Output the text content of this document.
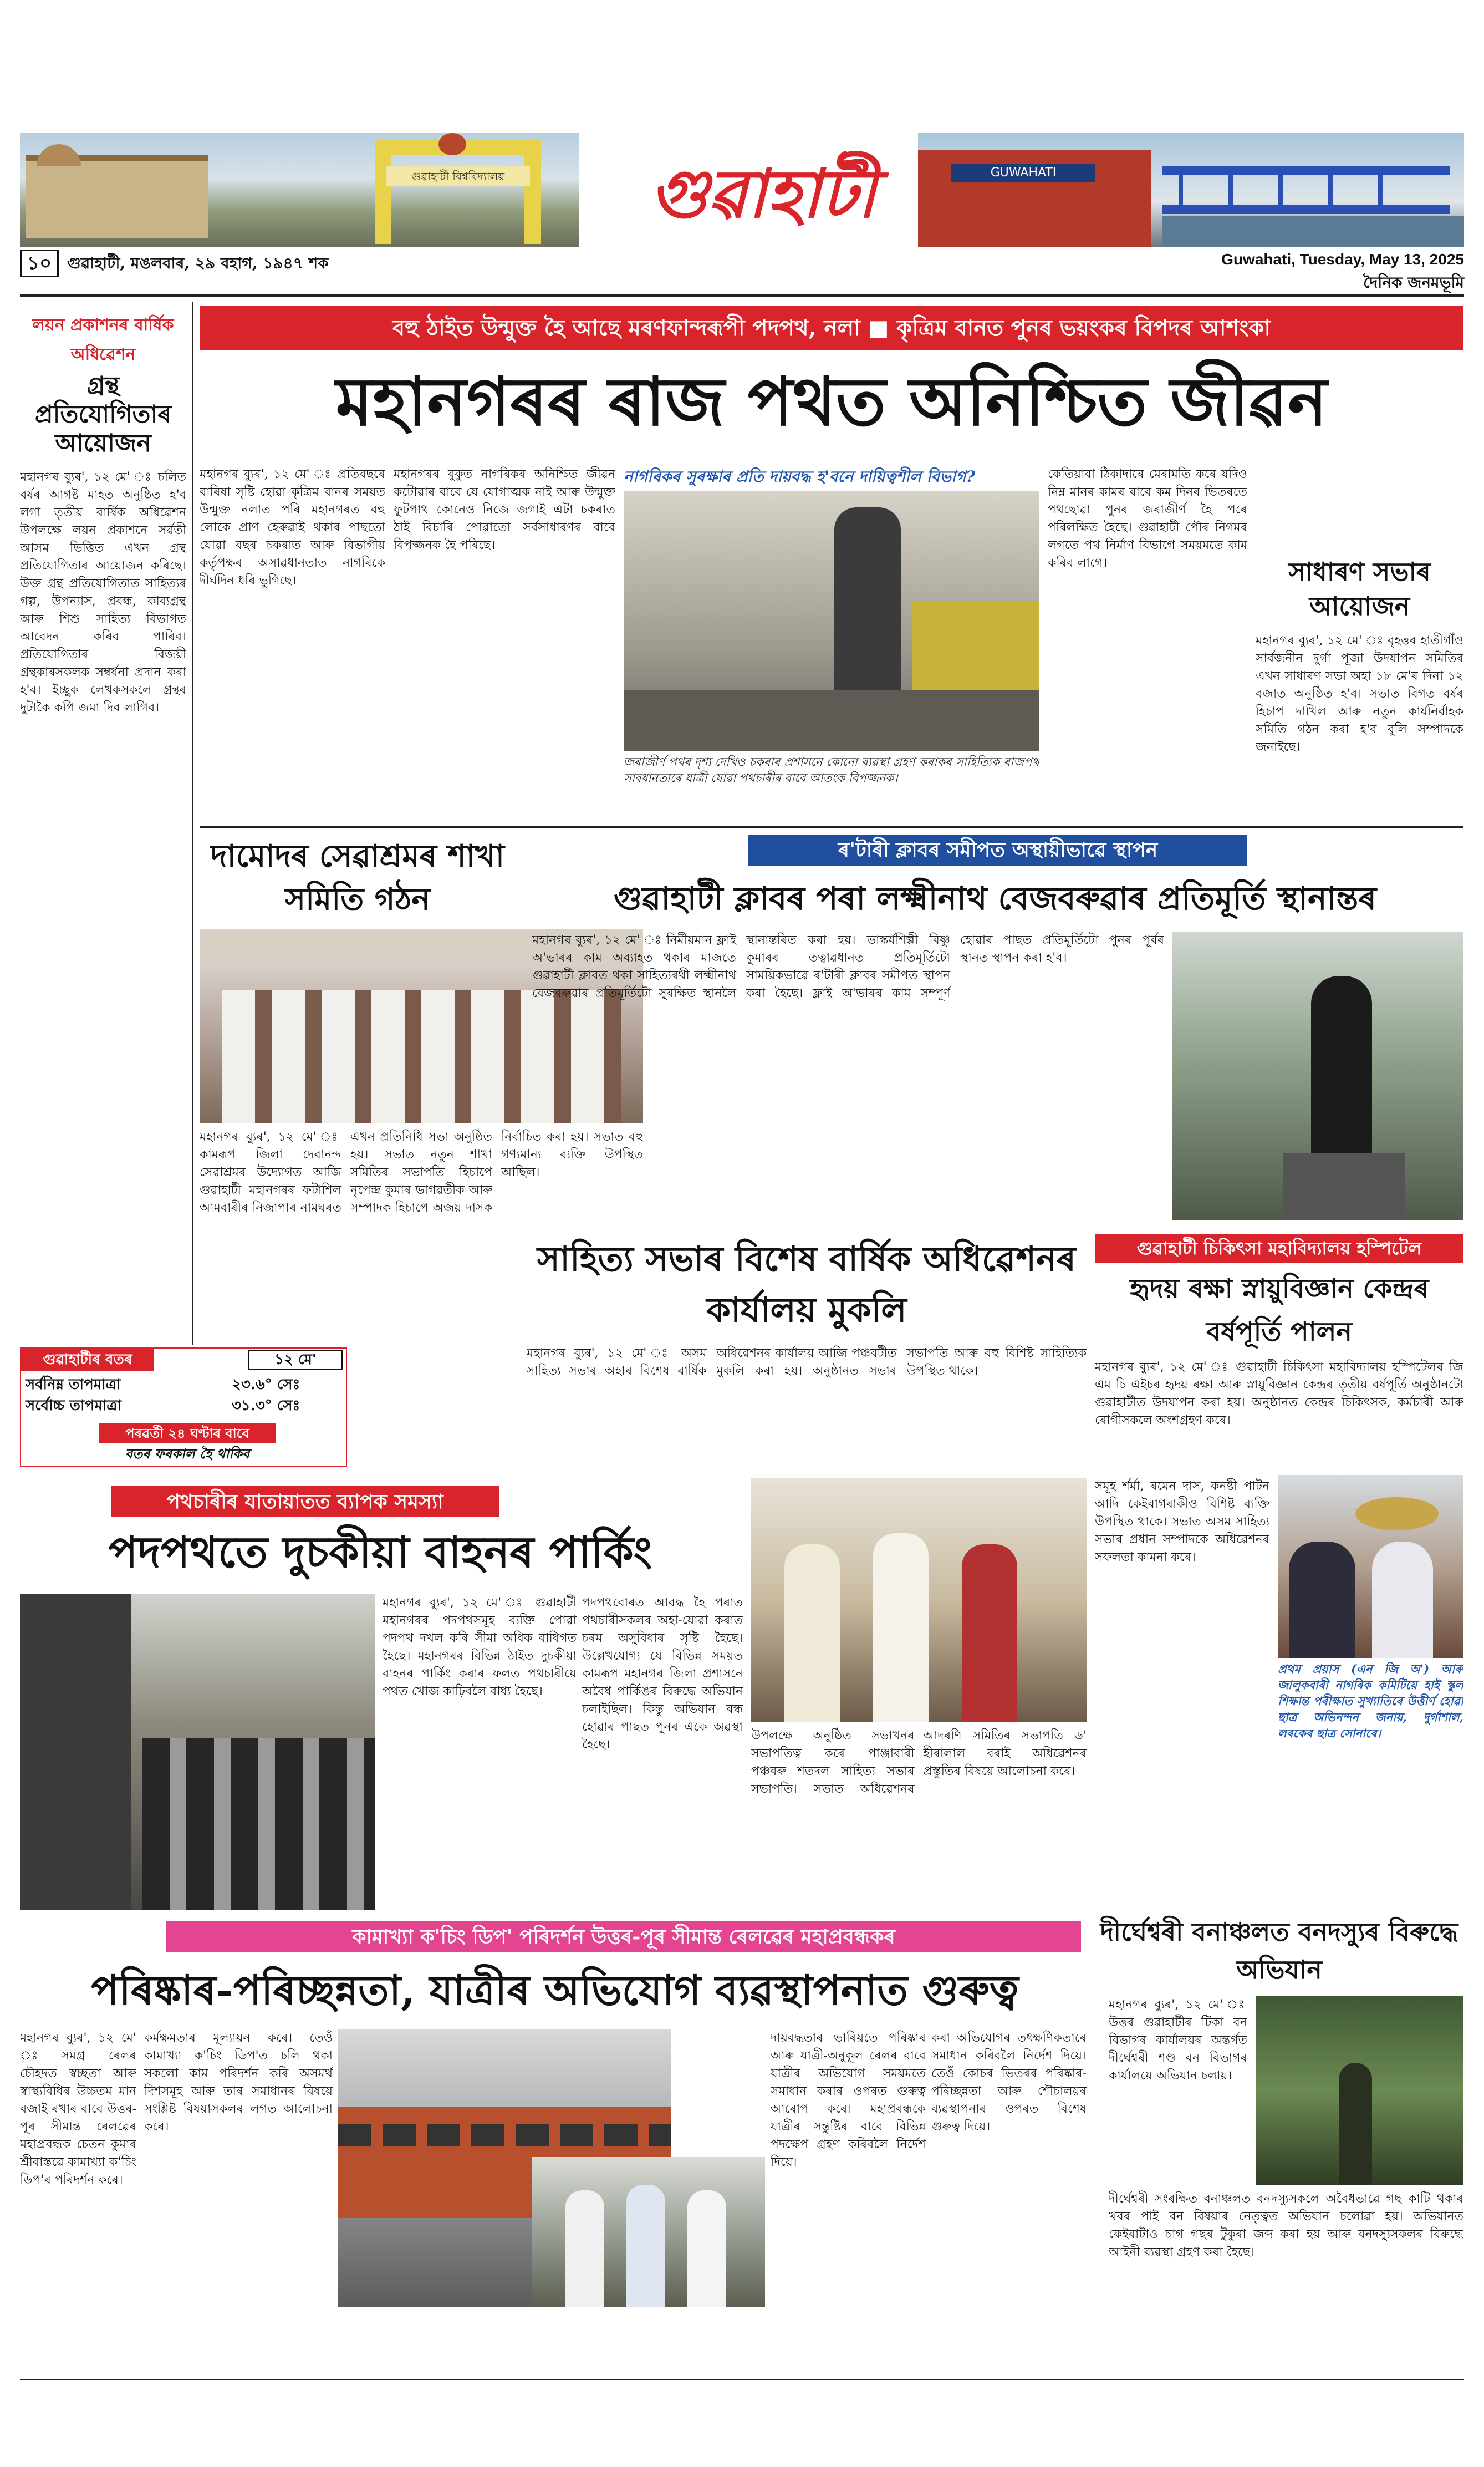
গুৱাহাটী বিশ্ববিদ্যালয়	গুৱাহাটী	GUWAHATI
১০ গুৱাহাটী, মঙলবাৰ, ২৯ বহাগ, ১৯৪৭ শক	Guwahati, Tuesday, May 13, 2025
দৈনিক জনমভূমি
লয়ন প্ৰকাশনৰ বাৰ্ষিক অধিৱেশন
গ্ৰন্থ প্ৰতিযোগিতাৰ আয়োজন
মহানগৰ ব্যুৰ', ১২ মে' ঃ চলিত বৰ্ষৰ আগষ্ট মাহত অনুষ্ঠিত হ'ব লগা তৃতীয় বাৰ্ষিক অধিৱেশন উপলক্ষে লয়ন প্ৰকাশনে সৰ্ৱতী আসম ভিত্তিত এখন গ্ৰন্থ প্ৰতিযোগিতাৰ আয়োজন কৰিছে। উক্ত গ্ৰন্থ প্ৰতিযোগিতাত সাহিত্যৰ গল্প, উপন্যাস, প্ৰবন্ধ, কাব্যগ্ৰন্থ আৰু শিশু সাহিত্য বিভাগত আবেদন কৰিব পাৰিব। প্ৰতিযোগিতাৰ বিজয়ী গ্ৰন্থকাৰসকলক সম্বৰ্ধনা প্ৰদান কৰা হ'ব। ইচ্ছুক লেখকসকলে গ্ৰন্থৰ দুটাকৈ কপি জমা দিব লাগিব।
গুৱাহাটীৰ বতৰ	১২ মে'
সৰ্বনিম্ন তাপমাত্ৰা	২৩.৬° সেঃ
সৰ্বোচ্চ তাপমাত্ৰা	৩১.৩° সেঃ
পৰৱৰ্তী ২৪ ঘণ্টাৰ বাবে
বতৰ ফৰকাল হৈ থাকিব
বহু ঠাইত উন্মুক্ত হৈ আছে মৰণফান্দৰূপী পদপথ, নলা ■ কৃত্ৰিম বানত পুনৰ ভয়ংকৰ বিপদৰ আশংকা
মহানগৰৰ ৰাজ পথত অনিশ্চিত জীৱন
মহানগৰ ব্যুৰ', ১২ মে' ঃ প্ৰতিবছৰে বাৰিষা সৃষ্টি হোৱা কৃত্ৰিম বানৰ সময়ত উন্মুক্ত নলাত পৰি মহানগৰত বহু লোকে প্ৰাণ হেৰুৱাই থকাৰ পাছতো যোৱা বছৰ চকৰাত আৰু বিভাগীয় কৰ্তৃপক্ষৰ অসাৱধানতাত নাগৰিকে দীৰ্ঘদিন ধৰি ভুগিছে।
মহানগৰৰ বুকুত নাগৰিকৰ অনিশ্চিত জীৱন কটোৱাৰ বাবে যে যোগাত্মক নাই আৰু উন্মুক্ত ফুটপাথ কোনেও নিজে জগাই এটা চকৰাত ঠাই বিচাৰি পোৱাতো সৰ্বসাধাৰণৰ বাবে বিপজ্জনক হৈ পৰিছে।
নাগৰিকৰ সুৰক্ষাৰ প্ৰতি দায়বদ্ধ হ'বনে দায়িত্বশীল বিভাগ?
জৰাজীৰ্ণ পথৰ দৃশ্য দেখিও চকৰাৰ প্ৰশাসনে কোনো ব্যৱস্থা গ্ৰহণ কৰাকৰ সাহিত্যিক ৰাজপথ সাবধানতাৰে যাত্ৰী যোৱা পথচাৰীৰ বাবে আতংক বিপজ্জনক।
কেতিয়াবা ঠিকাদাৰে মেৰামতি কৰে যদিও নিম্ন মানৰ কামৰ বাবে কম দিনৰ ভিতৰতে পথছোৱা পুনৰ জৰাজীৰ্ণ হৈ পৰে পৰিলক্ষিত হৈছে। গুৱাহাটী পৌৰ নিগমৰ লগতে পথ নিৰ্মাণ বিভাগে সময়মতে কাম কৰিব লাগে।	সাধাৰণ সভাৰ আয়োজন
মহানগৰ ব্যুৰ', ১২ মে' ঃ বৃহত্তৰ হাতীগাঁও সাৰ্বজনীন দুৰ্গা পূজা উদযাপন সমিতিৰ এখন সাধাৰণ সভা অহা ১৮ মে'ৰ দিনা ১২ বজাত অনুষ্ঠিত হ'ব। সভাত বিগত বৰ্ষৰ হিচাপ দাখিল আৰু নতুন কাৰ্যনিৰ্বাহক সমিতি গঠন কৰা হ'ব বুলি সম্পাদকে জনাইছে।
দামোদৰ সেৱাশ্ৰমৰ শাখা সমিতি গঠন
মহানগৰ ব্যুৰ', ১২ মে' ঃ কামৰূপ জিলা দেবানন্দ সেৱাশ্ৰমৰ উদ্যোগত আজি গুৱাহাটী মহানগৰৰ ফটাশিল আমবাৰীৰ নিজাপাৰ নামঘৰত এখন প্ৰতিনিধি সভা অনুষ্ঠিত হয়। সভাত নতুন শাখা সমিতিৰ সভাপতি হিচাপে নৃপেন্দ্ৰ কুমাৰ ভাগৱতীক আৰু সম্পাদক হিচাপে অজয় দাসক নিৰ্বাচিত কৰা হয়। সভাত বহু গণ্যমান্য ব্যক্তি উপস্থিত আছিল।
ৰ'টাৰী ক্লাবৰ সমীপত অস্থায়ীভাৱে স্থাপন
গুৱাহাটী ক্লাবৰ পৰা লক্ষ্মীনাথ বেজবৰুৱাৰ প্ৰতিমূৰ্তি স্থানান্তৰ
মহানগৰ ব্যুৰ', ১২ মে' ঃ নিৰ্মীয়মান ফ্লাই অ'ভাৰৰ কাম অব্যাহত থকাৰ মাজতে গুৱাহাটী ক্লাবত থকা সাহিত্যৰথী লক্ষ্মীনাথ বেজবৰুৱাৰ প্ৰতিমূৰ্তিটো সুৰক্ষিত স্থানলৈ স্থানান্তৰিত কৰা হয়। ভাস্কৰ্যশিল্পী বিষ্ণু কুমাৰৰ তত্বাৱধানত প্ৰতিমূৰ্তিটো সাময়িকভাৱে ৰ'টাৰী ক্লাবৰ সমীপত স্থাপন কৰা হৈছে। ফ্লাই অ'ভাৰৰ কাম সম্পূৰ্ণ হোৱাৰ পাছত প্ৰতিমূৰ্তিটো পুনৰ পূৰ্বৰ স্থানত স্থাপন কৰা হ'ব।
সাহিত্য সভাৰ বিশেষ বাৰ্ষিক অধিৱেশনৰ কাৰ্যালয় মুকলি
মহানগৰ ব্যুৰ', ১২ মে' ঃ অসম সাহিত্য সভাৰ অহাৰ বিশেষ বাৰ্ষিক অধিৱেশনৰ কাৰ্যালয় আজি পঞ্চবটীত মুকলি কৰা হয়। অনুষ্ঠানত সভাৰ সভাপতি আৰু বহু বিশিষ্ট সাহিত্যিক উপস্থিত থাকে।
উপলক্ষে অনুষ্ঠিত সভাখনৰ সভাপতিত্ব কৰে পাঞ্জাবাৰী পঞ্চবৰু শতদল সাহিত্য সভাৰ সভাপতি। সভাত অধিৱেশনৰ আদৰণি সমিতিৰ সভাপতি ড' হীৰালাল বৰাই অধিৱেশনৰ প্ৰস্তুতিৰ বিষয়ে আলোচনা কৰে।
সমূহ ৰ্শৰ্মা, ৰমেন দাস, কনষ্টী পাটন আদি কেইবাগৰাকীও বিশিষ্ট ব্যক্তি উপস্থিত থাকে। সভাত অসম সাহিত্য সভাৰ প্ৰধান সম্পাদকে অধিৱেশনৰ সফলতা কামনা কৰে।
গুৱাহাটী চিকিৎসা মহাবিদ্যালয় হস্পিটেল
হৃদয় ৰক্ষা স্নায়ুবিজ্ঞান কেন্দ্ৰৰ বৰ্ষপূৰ্তি পালন
মহানগৰ ব্যুৰ', ১২ মে' ঃ গুৱাহাটী চিকিৎসা মহাবিদ্যালয় হস্পিটেলৰ জি এম চি এইচৰ হৃদয় ৰক্ষা আৰু স্নায়ুবিজ্ঞান কেন্দ্ৰৰ তৃতীয় বৰ্ষপূৰ্তি অনুষ্ঠানটো গুৱাহাটীত উদযাপন কৰা হয়। অনুষ্ঠানত কেন্দ্ৰৰ চিকিৎসক, কৰ্মচাৰী আৰু ৰোগীসকলে অংশগ্ৰহণ কৰে।
প্ৰথম প্ৰয়াস (এন জি অ') আৰু জালুকবাৰী নাগৰিক কমিটিয়ে হাই স্কুল শিক্ষান্ত পৰীক্ষাত সুখ্যাতিৰে উত্তীৰ্ণ হোৱা ছাত্ৰ অভিনন্দন জনায়, দুৰ্গাশাল, লৰকেৰ ছাত্ৰ সোনাৰে।
পথচাৰীৰ যাতায়াতত ব্যাপক সমস্যা
পদপথতে দুচকীয়া বাহনৰ পাৰ্কিং
মহানগৰ ব্যুৰ', ১২ মে' ঃ গুৱাহাটী মহানগৰৰ পদপথসমূহ ব্যক্তি পোৱা পদপথ দখল কৰি সীমা অধিক বাধিগত হৈছে। মহানগৰৰ বিভিন্ন ঠাইত দুচকীয়া বাহনৰ পাৰ্কিং কৰাৰ ফলত পথচাৰীয়ে পথত খোজ কাঢ়িবলৈ বাধ্য হৈছে।
পদপথবোৰত আবদ্ধ হৈ পৰাত পথচাৰীসকলৰ অহা-যোৱা কৰাত চৰম অসুবিধাৰ সৃষ্টি হৈছে। উল্লেখযোগ্য যে বিভিন্ন সময়ত কামৰূপ মহানগৰ জিলা প্ৰশাসনে অবৈধ পাৰ্কিঙৰ বিৰুদ্ধে অভিযান চলাইছিল। কিন্তু অভিযান বন্ধ হোৱাৰ পাছত পুনৰ একে অৱস্থা হৈছে।
দীৰ্ঘেশ্বৰী বনাঞ্চলত বনদস্যুৰ বিৰুদ্ধে অভিযান
মহানগৰ ব্যুৰ', ১২ মে' ঃ উত্তৰ গুৱাহাটীৰ টিকা বন বিভাগৰ কাৰ্যালয়ৰ অন্তৰ্গত দীৰ্ঘেশ্বৰী শণ্ড বন বিভাগৰ কাৰ্যালয়ে অভিযান চলায়।
দীৰ্ঘেশ্বৰী সংৰক্ষিত বনাঞ্চলত বনদস্যুসকলে অবৈধভাৱে গছ কাটি থকাৰ খবৰ পাই বন বিষয়াৰ নেতৃত্বত অভিযান চলোৱা হয়। অভিযানত কেইবাটাও চাগ গছৰ টুকুৰা জব্দ কৰা হয় আৰু বনদস্যুসকলৰ বিৰুদ্ধে আইনী ব্যৱস্থা গ্ৰহণ কৰা হৈছে।
কামাখ্যা ক'চিং ডিপ' পৰিদৰ্শন উত্তৰ-পূৰ সীমান্ত ৰেলৱেৰ মহাপ্ৰবন্ধকৰ
পৰিষ্কাৰ-পৰিচ্ছন্নতা, যাত্ৰীৰ অভিযোগ ব্যৱস্থাপনাত গুৰুত্ব
মহানগৰ ব্যুৰ', ১২ মে' ঃ সমগ্ৰ ৰেলৰ চৌহদত স্বচ্ছতা আৰু স্বাস্থ্যবিধিৰ উচ্চতম মান বজাই ৰখাৰ বাবে উত্তৰ-পূৰ সীমান্ত ৰেলৱেৰ মহাপ্ৰবন্ধক চেতন কুমাৰ শ্ৰীবাস্তৱে কামাখ্যা ক'চিং ডিপ'ৰ পৰিদৰ্শন কৰে।
কৰ্মক্ষমতাৰ মূল্যায়ন কৰে। তেওঁ কামাখ্যা ক'চিং ডিপ'ত চলি থকা সকলো কাম পৰিদৰ্শন কৰি অসমৰ্থ দিশসমূহ আৰু তাৰ সমাধানৰ বিষয়ে সংশ্লিষ্ট বিষয়াসকলৰ লগত আলোচনা কৰে।
দায়বদ্ধতাৰ ভাৰিয়তে পৰিষ্কাৰ আৰু যাত্ৰী-অনুকূল ৰেলৰ বাবে যাত্ৰীৰ অভিযোগ সময়মতে সমাধান কৰাৰ ওপৰত গুৰুত্ব আৰোপ কৰে। মহাপ্ৰবন্ধকে যাত্ৰীৰ সন্তুষ্টিৰ বাবে বিভিন্ন পদক্ষেপ গ্ৰহণ কৰিবলৈ নিৰ্দেশ দিয়ে।
কৰা অভিযোগৰ তৎক্ষণিকতাৰে সমাধান কৰিবলৈ নিৰ্দেশ দিয়ে। তেওঁ কোচৰ ভিতৰৰ পৰিষ্কাৰ-পৰিচ্ছন্নতা আৰু শৌচালয়ৰ ব্যৱস্থাপনাৰ ওপৰত বিশেষ গুৰুত্ব দিয়ে।
